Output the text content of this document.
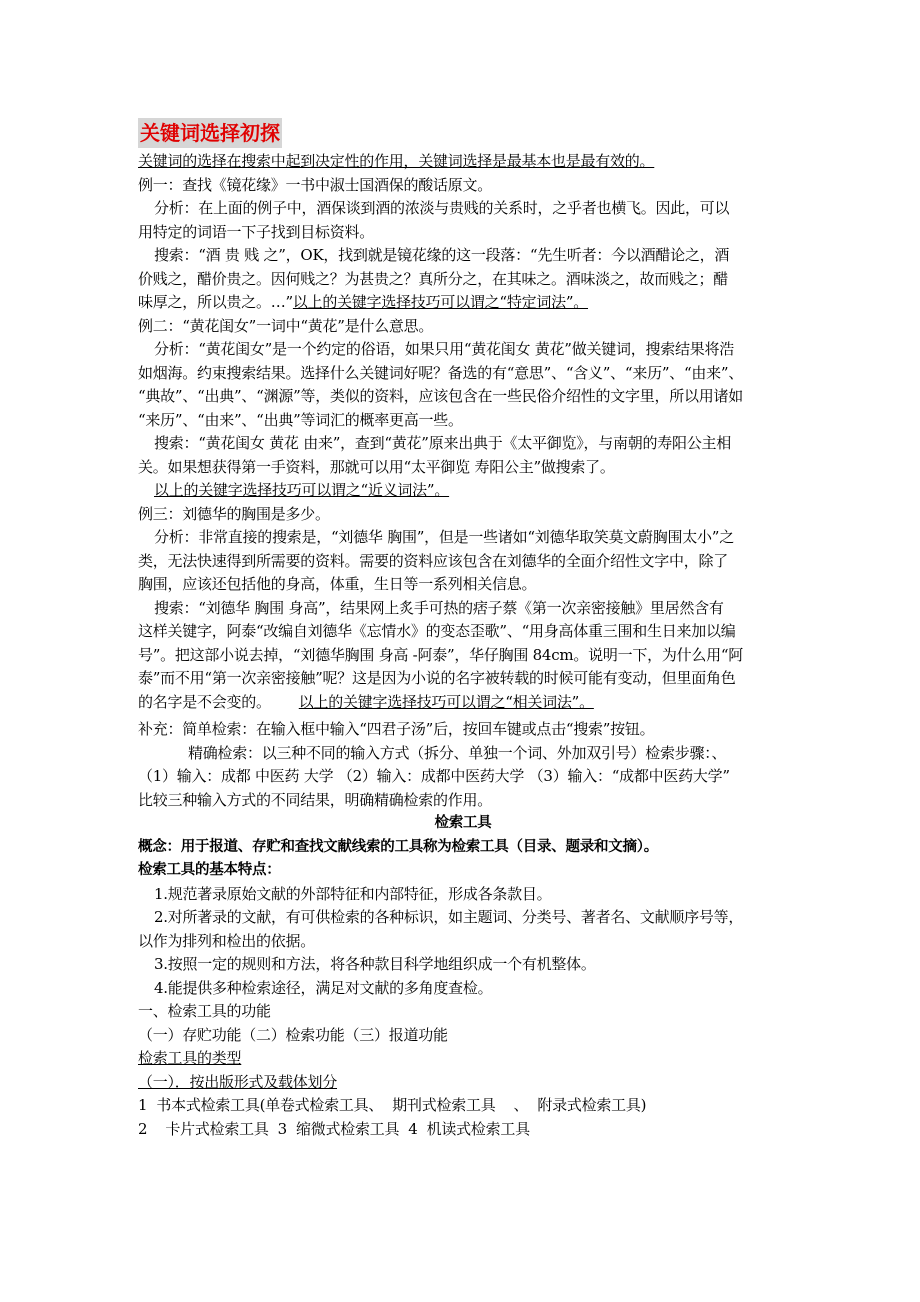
关键词选择初探
关键词的选择在搜索中起到决定性的作用，关键词选择是最基本也是最有效的。
例一：查找《镜花缘》一书中淑士国酒保的酸话原文。
分析：在上面的例子中，酒保谈到酒的浓淡与贵贱的关系时，之乎者也横飞。因此，可以
用特定的词语一下子找到目标资料。
搜索：“酒 贵 贱 之”，OK，找到就是镜花缘的这一段落：“先生听者：今以酒醋论之，酒
价贱之，醋价贵之。因何贱之？为甚贵之？真所分之，在其味之。酒味淡之，故而贱之；醋
味厚之，所以贵之。…”以上的关键字选择技巧可以谓之“特定词法”。
例二：“黄花闺女”一词中“黄花”是什么意思。
分析：“黄花闺女”是一个约定的俗语，如果只用“黄花闺女 黄花”做关键词，搜索结果将浩
如烟海。约束搜索结果。选择什么关键词好呢？备选的有“意思”、“含义”、“来历”、“由来”、
“典故”、“出典”、“渊源”等，类似的资料，应该包含在一些民俗介绍性的文字里，所以用诸如
“来历”、“由来”、“出典”等词汇的概率更高一些。
搜索：“黄花闺女 黄花 由来”，查到“黄花”原来出典于《太平御览》，与南朝的寿阳公主相
关。如果想获得第一手资料，那就可以用“太平御览 寿阳公主”做搜索了。
以上的关键字选择技巧可以谓之“近义词法”。
例三：刘德华的胸围是多少。
分析：非常直接的搜索是，“刘德华 胸围”，但是一些诸如“刘德华取笑莫文蔚胸围太小”之
类，无法快速得到所需要的资料。需要的资料应该包含在刘德华的全面介绍性文字中，除了
胸围，应该还包括他的身高，体重，生日等一系列相关信息。
搜索：“刘德华 胸围 身高”，结果网上炙手可热的痞子蔡《第一次亲密接触》里居然含有
这样关键字，阿泰“改编自刘德华《忘情水》的变态歪歌”、“用身高体重三围和生日来加以编
号”。把这部小说去掉，“刘德华胸围 身高 -阿泰”，华仔胸围 84cm。说明一下，为什么用“阿
泰”而不用“第一次亲密接触”呢？这是因为小说的名字被转载的时候可能有变动，但里面角色
的名字是不会变的。 以上的关键字选择技巧可以谓之“相关词法”。
补充：简单检索：在输入框中输入“四君子汤”后，按回车键或点击“搜索”按钮。
精确检索：以三种不同的输入方式（拆分、单独一个词、外加双引号）检索步骤：、
（1）输入：成都 中医药 大学 （2）输入：成都中医药大学 （3）输入：“成都中医药大学”
比较三种输入方式的不同结果，明确精确检索的作用。
检索工具
概念：用于报道、存贮和查找文献线索的工具称为检索工具（目录、题录和文摘）。
检索工具的基本特点：
1.规范著录原始文献的外部特征和内部特征，形成各条款目。
2.对所著录的文献，有可供检索的各种标识，如主题词、分类号、著者名、文献顺序号等，
以作为排列和检出的依据。
3.按照一定的规则和方法，将各种款目科学地组织成一个有机整体。
4.能提供多种检索途径，满足对文献的多角度查检。
一、检索工具的功能
（一）存贮功能（二）检索功能（三）报道功能
检索工具的类型
（一）．按出版形式及载体划分
1  书本式检索工具(单卷式检索工具、  期刊式检索工具    、  附录式检索工具)
2    卡片式检索工具  3  缩微式检索工具  4  机读式检索工具
